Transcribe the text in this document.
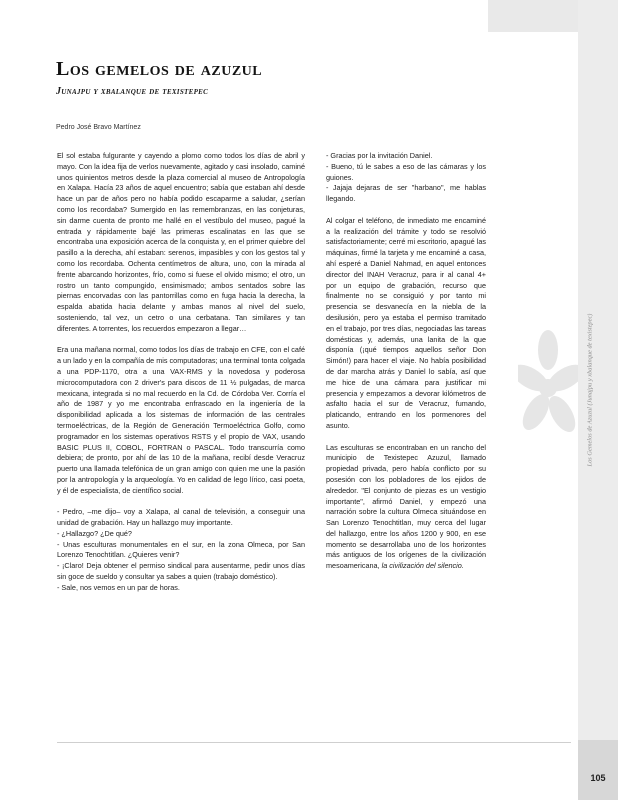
Los Gemelos de Azuzul (Junajpu y xbalanque de texistepec)
105
Los gemelos de azuzul
Junajpu y xbalanque de texistepec
Pedro José Bravo Martínez

El sol estaba fulgurante y cayendo a plomo como todos los días de abril y mayo. Con la idea fija de verlos nuevamente, agitado y casi insolado, caminé unos quinientos metros desde la plaza comercial al museo de Antropología en Xalapa. Hacía 23 años de aquel encuentro; sabía que estaban ahí desde hace un par de años pero no había podido escaparme a saludar, ¿serían como los recordaba? Sumergido en las remembranzas, en las conjeturas, sin darme cuenta de pronto me hallé en el vestíbulo del museo, pagué la entrada y rápidamente bajé las primeras escalinatas en las que se encontraba una exposición acerca de la conquista y, en el primer quiebre del pasillo a la derecha, ahí estaban: serenos, impasibles y con los gestos tal y como los recordaba. Ochenta centímetros de altura, uno, con la mirada al frente abarcando horizontes, frío, como si fuese el olvido mismo; el otro, un rostro un tanto compungido, ensimismado; ambos sentados sobre las piernas encorvadas con las pantorrillas como en fuga hacia la derecha, la espalda abatida hacia delante y ambas manos al nivel del suelo, sosteniendo, tal vez, un cetro o una cerbatana. Tan similares y tan diferentes. A torrentes, los recuerdos empezaron a llegar…

Era una mañana normal, como todos los días de trabajo en CFE, con el café a un lado y en la compañía de mis computadoras; una terminal tonta colgada a una PDP-1170, otra a una VAX-RMS y la novedosa y poderosa microcomputadora con 2 driver's para discos de 11 ½ pulgadas, de marca mexicana, integrada si no mal recuerdo en la Cd. de Córdoba Ver. Corría el año de 1987 y yo me encontraba enfrascado en la ingeniería de la disponibilidad aplicada a los sistemas de información de las centrales termoeléctricas, de la Región de Generación Termoeléctrica Golfo, como programador en los sistemas operativos RSTS y el propio de VAX, usando BASIC PLUS II, COBOL, FORTRAN o PASCAL. Todo transcurría como debiera; de pronto, por ahí de las 10 de la mañana, recibí desde Veracruz puerto una llamada telefónica de un gran amigo con quien me une la pasión por la antropología y la arqueología. Yo en calidad de lego lírico, casi poeta, y él de especialista, de científico social.

- Pedro, –me dijo– voy a Xalapa, al canal de televisión, a conseguir una unidad de grabación. Hay un hallazgo muy importante.
- ¿Hallazgo? ¿De qué?
- Unas esculturas monumentales en el sur, en la zona Olmeca, por San Lorenzo Tenochtitlan. ¿Quieres venir?
- ¡Claro! Deja obtener el permiso sindical para ausentarme, pedir unos días sin goce de sueldo y consultar ya sabes a quien (trabajo doméstico).
- Sale, nos vemos en un par de horas.

- Gracias por la invitación Daniel.
- Bueno, tú le sabes a eso de las cámaras y los guiones.
- Jajaja dejaras de ser "harbano", me hablas llegando.

Al colgar el teléfono, de inmediato me encaminé a la realización del trámite y todo se resolvió satisfactoriamente; cerré mi escritorio, apagué las máquinas, firmé la tarjeta y me encaminé a casa, ahí esperé a Daniel Nahmad, en aquel entonces director del INAH Veracruz, para ir al canal 4+ por un equipo de grabación, recurso que finalmente no se consiguió y por tanto mi presencia se desvanecía en la niebla de la desilusión, pero ya estaba el permiso tramitado en el trabajo, por tres días, negociadas las tareas domésticas y, además, una lanita de la que disponía (¡qué tiempos aquellos señor Don Simón!) para hacer el viaje. No había posibilidad de dar marcha atrás y Daniel lo sabía, así que me hice de una cámara para justificar mi presencia y empezamos a devorar kilómetros de asfalto hacia el sur de Veracruz, fumando, platicando, entrando en los pormenores del asunto.

Las esculturas se encontraban en un rancho del municipio de Texistepec Azuzul, llamado propiedad privada, pero había conflicto por su posesión con los pobladores de los ejidos de alrededor. "El conjunto de piezas es un vestigio importante", afirmó Daniel, y empezó una narración sobre la cultura Olmeca situándose en San Lorenzo Tenochtitlan, muy cerca del lugar del hallazgo, entre los años 1200 y 900, en ese momento se desarrollaba uno de los horizontes más antiguos de los orígenes de la civilización mesoamericana, la civilización del silencio.
